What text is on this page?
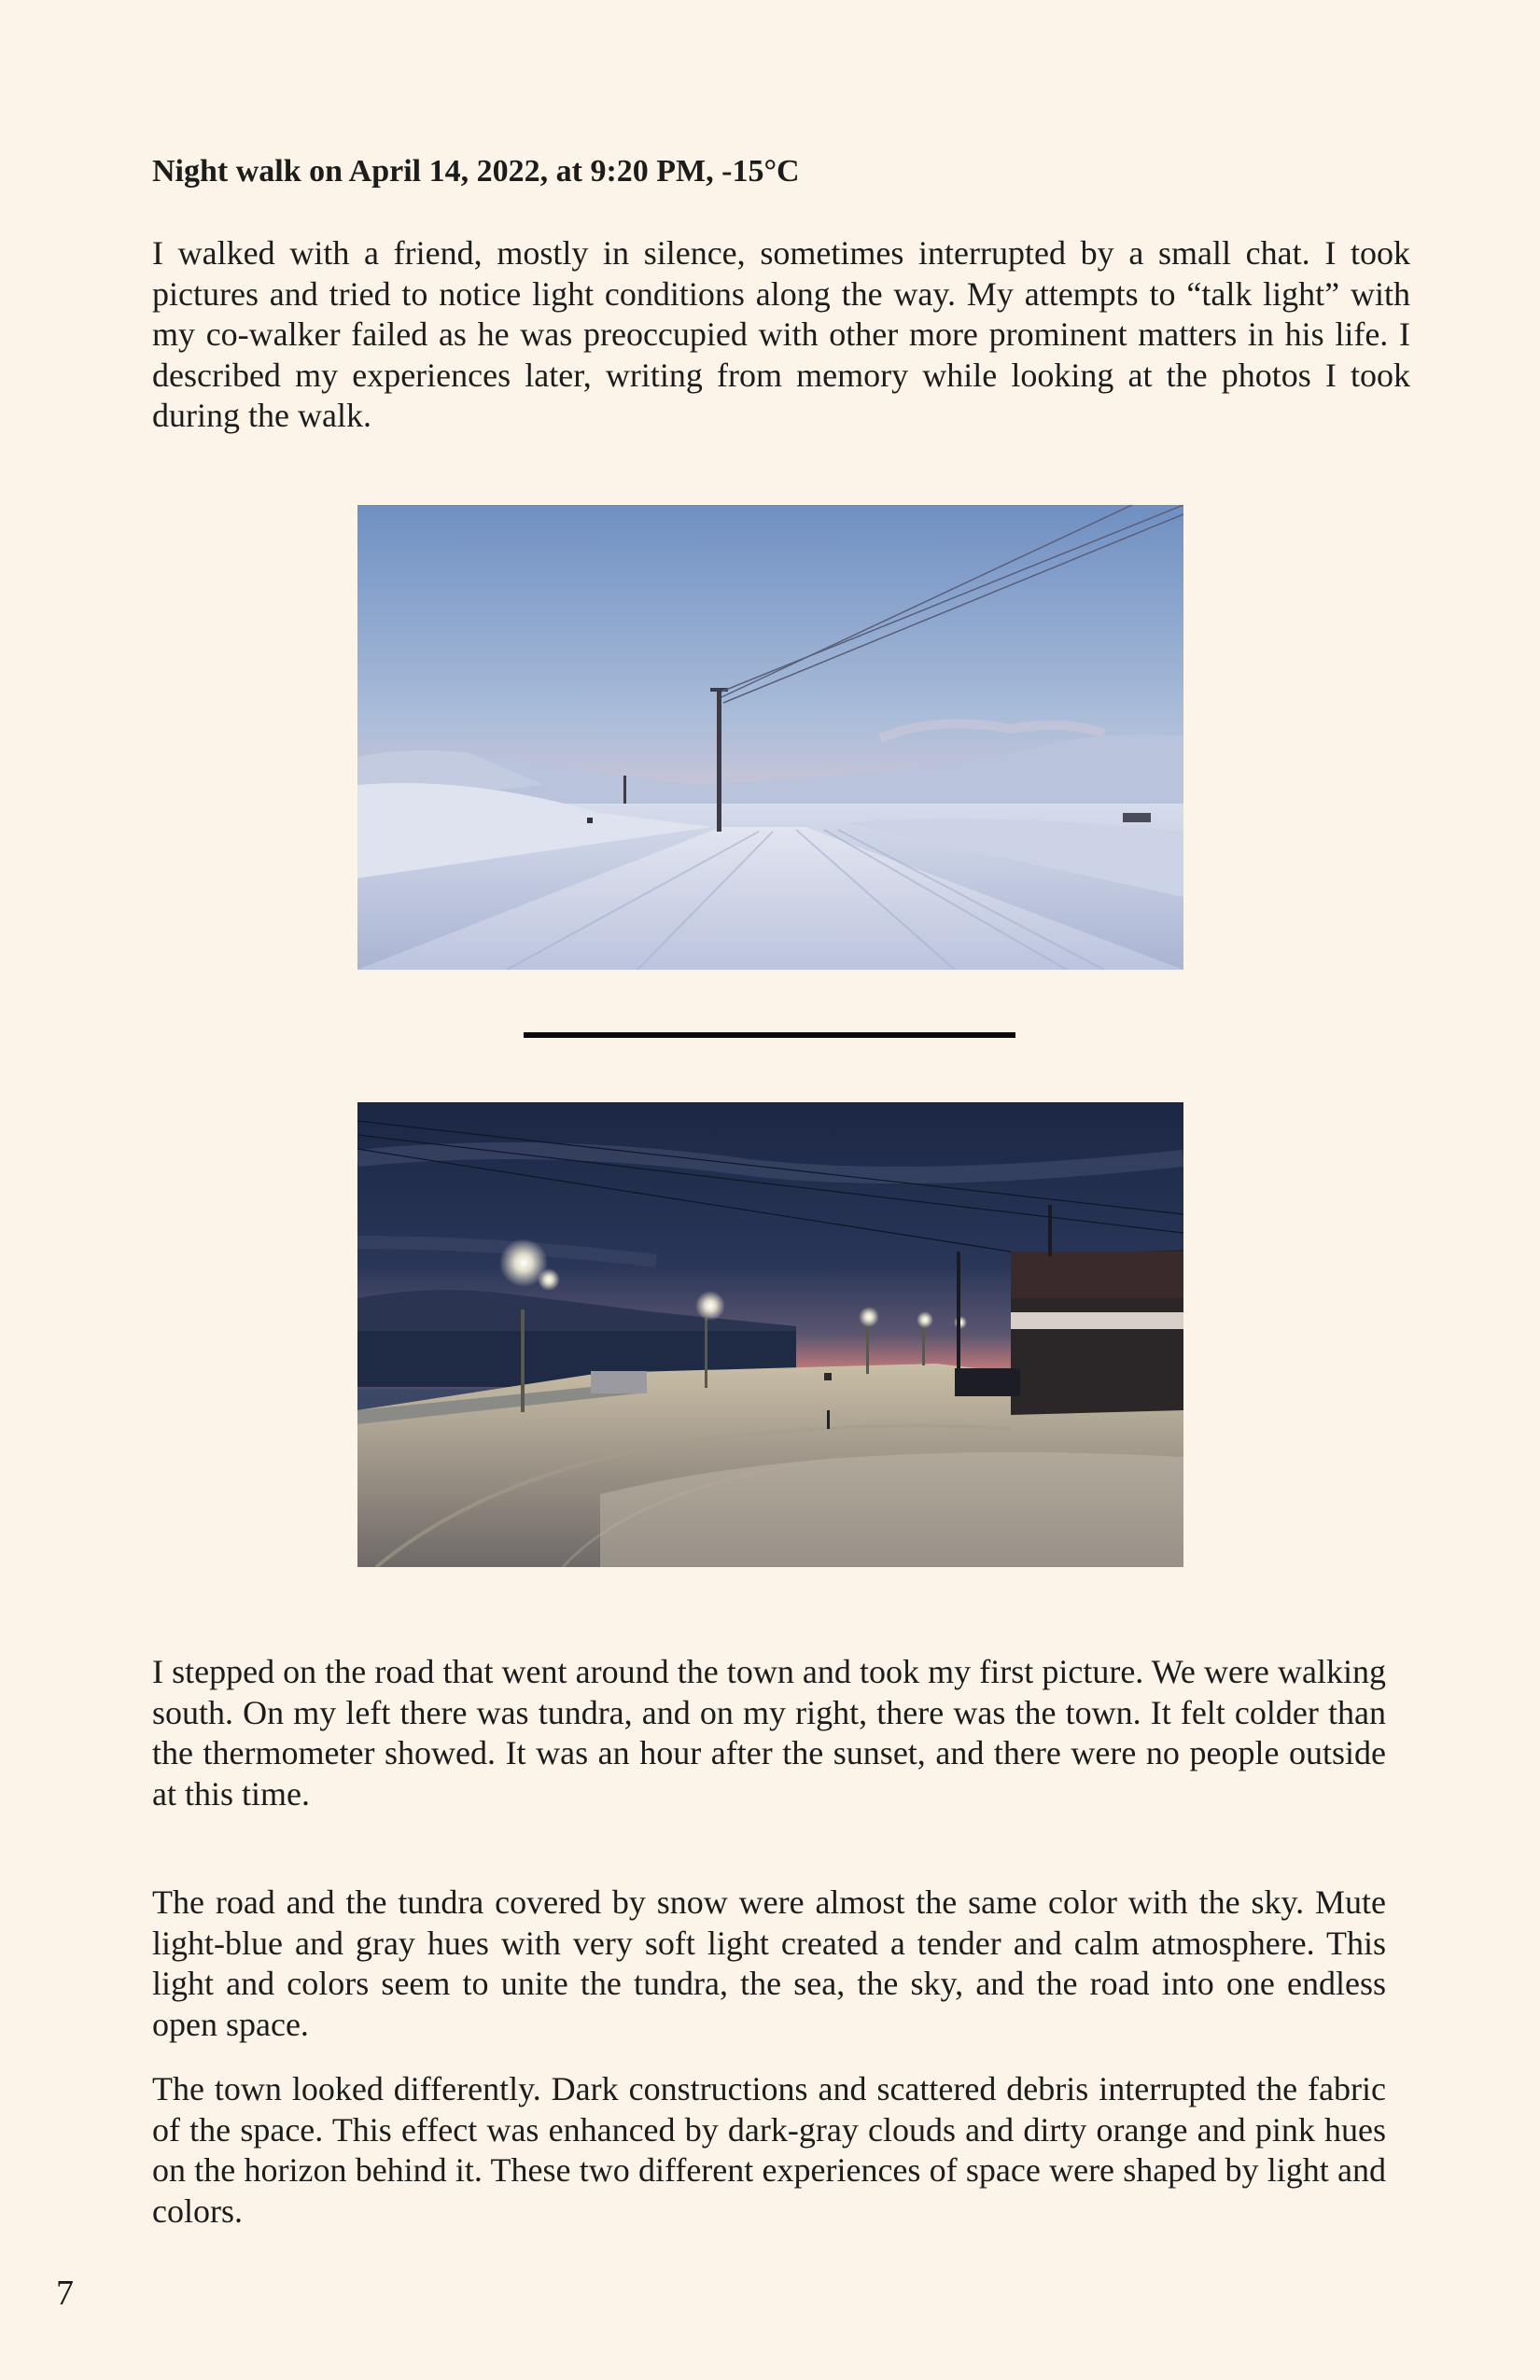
Night walk on April 14, 2022, at 9:20 PM, -15°C

I walked with a friend, mostly in silence, sometimes interrupted by a small chat. I took pictures and tried to notice light conditions along the way. My attempts to “talk light” with my co-walker failed as he was preoccupied with other more prominent matters in his life. I described my experiences later, writing from memory while looking at the photos I took during the walk.

I stepped on the road that went around the town and took my first picture. We were walking south. On my left there was tundra, and on my right, there was the town. It felt colder than the thermometer showed. It was an hour after the sunset, and there were no people outside at this time.

The road and the tundra covered by snow were almost the same color with the sky. Mute light-blue and gray hues with very soft light created a tender and calm atmosphere. This light and colors seem to unite the tundra, the sea, the sky, and the road into one endless open space.

The town looked differently. Dark constructions and scattered debris interrupted the fabric of the space. This effect was enhanced by dark-gray clouds and dirty orange and pink hues on the horizon behind it. These two different experiences of space were shaped by light and colors.

7
